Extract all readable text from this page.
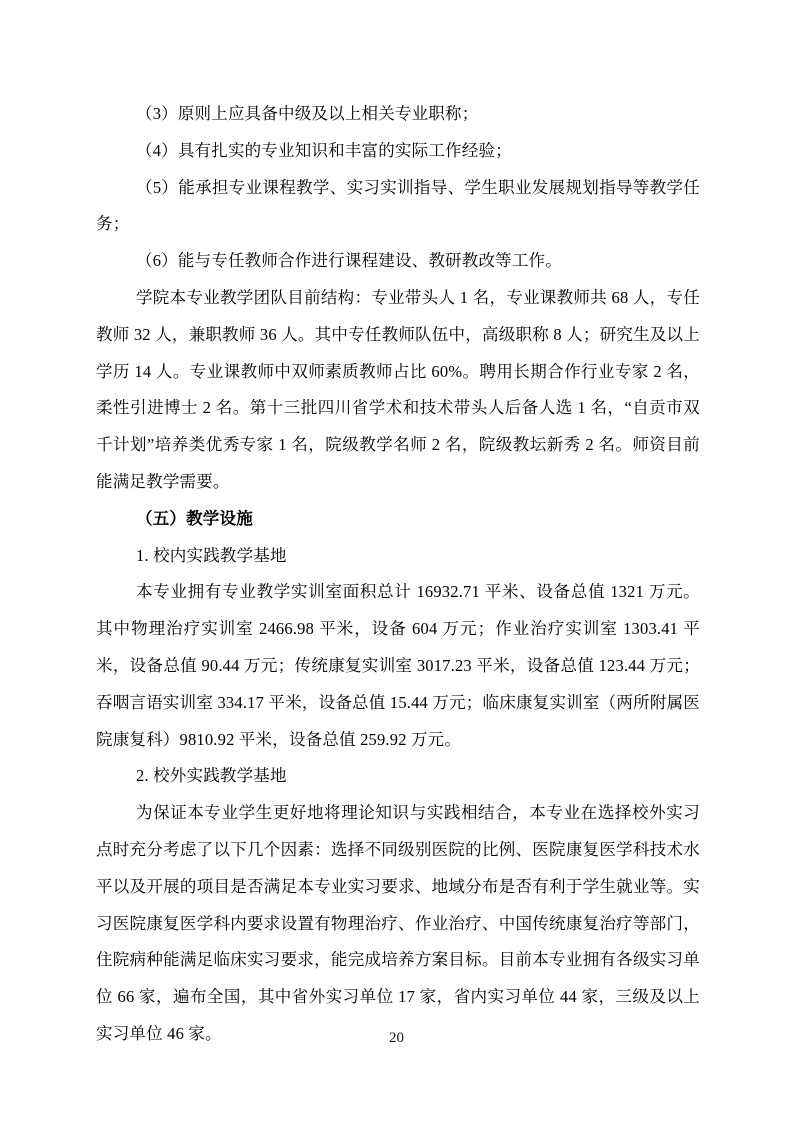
（3）原则上应具备中级及以上相关专业职称；

（4）具有扎实的专业知识和丰富的实际工作经验；

（5）能承担专业课程教学、实习实训指导、学生职业发展规划指导等教学任务；

（6）能与专任教师合作进行课程建设、教研教改等工作。

学院本专业教学团队目前结构：专业带头人 1 名，专业课教师共 68 人，专任教师 32 人，兼职教师 36 人。其中专任教师队伍中，高级职称 8 人；研究生及以上学历 14 人。专业课教师中双师素质教师占比 60%。聘用长期合作行业专家 2 名，柔性引进博士 2 名。第十三批四川省学术和技术带头人后备人选 1 名，“自贡市双千计划”培养类优秀专家 1 名，院级教学名师 2 名，院级教坛新秀 2 名。师资目前能满足教学需要。

（五）教学设施

1. 校内实践教学基地

本专业拥有专业教学实训室面积总计 16932.71 平米、设备总值 1321 万元。其中物理治疗实训室 2466.98 平米，设备 604 万元；作业治疗实训室 1303.41 平米，设备总值 90.44 万元；传统康复实训室 3017.23 平米，设备总值 123.44 万元；吞咽言语实训室 334.17 平米，设备总值 15.44 万元；临床康复实训室（两所附属医院康复科）9810.92 平米，设备总值 259.92 万元。

2. 校外实践教学基地

为保证本专业学生更好地将理论知识与实践相结合，本专业在选择校外实习点时充分考虑了以下几个因素：选择不同级别医院的比例、医院康复医学科技术水平以及开展的项目是否满足本专业实习要求、地域分布是否有利于学生就业等。实习医院康复医学科内要求设置有物理治疗、作业治疗、中国传统康复治疗等部门，住院病种能满足临床实习要求，能完成培养方案目标。目前本专业拥有各级实习单位 66 家，遍布全国，其中省外实习单位 17 家，省内实习单位 44 家，三级及以上实习单位 46 家。	20
